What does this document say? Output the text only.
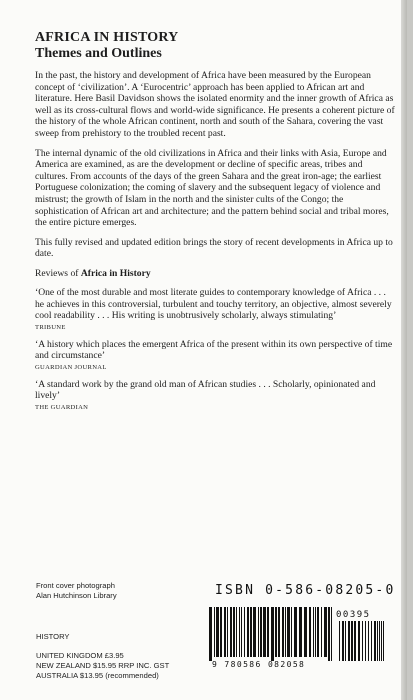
AFRICA IN HISTORY
Themes and Outlines

In the past, the history and development of Africa have been measured by the European concept of ‘civilization’. A ‘Eurocentric’ approach has been applied to African art and literature. Here Basil Davidson shows the isolated enormity and the inner growth of Africa as well as its cross-cultural flows and world-wide significance. He presents a coherent picture of the history of the whole African continent, north and south of the Sahara, covering the vast sweep from prehistory to the troubled recent past.

The internal dynamic of the old civilizations in Africa and their links with Asia, Europe and America are examined, as are the development or decline of specific areas, tribes and cultures. From accounts of the days of the green Sahara and the great iron-age; the earliest Portuguese colonization; the coming of slavery and the subsequent legacy of violence and mistrust; the growth of Islam in the north and the sinister cults of the Congo; the sophistication of African art and architecture; and the pattern behind social and tribal mores, the entire picture emerges.

This fully revised and updated edition brings the story of recent developments in Africa up to date.

Reviews of Africa in History

‘One of the most durable and most literate guides to contemporary knowledge of Africa . . . he achieves in this controversial, turbulent and touchy territory, an objective, almost severely cool readability . . . His writing is unobtrusively scholarly, always stimulating’

TRIBUNE

‘A history which places the emergent Africa of the present within its own perspective of time and circumstance’

GUARDIAN JOURNAL

‘A standard work by the grand old man of African studies . . . Scholarly, opinionated and lively’

THE GUARDIAN

Front cover photograph
Alan Hutchinson Library
HISTORY
UNITED KINGDOM £3.95
NEW ZEALAND $15.95 RRP INC. GST
AUSTRALIA $13.95 (recommended)
ISBN 0-586-08205-0
00395
9 780586 082058
